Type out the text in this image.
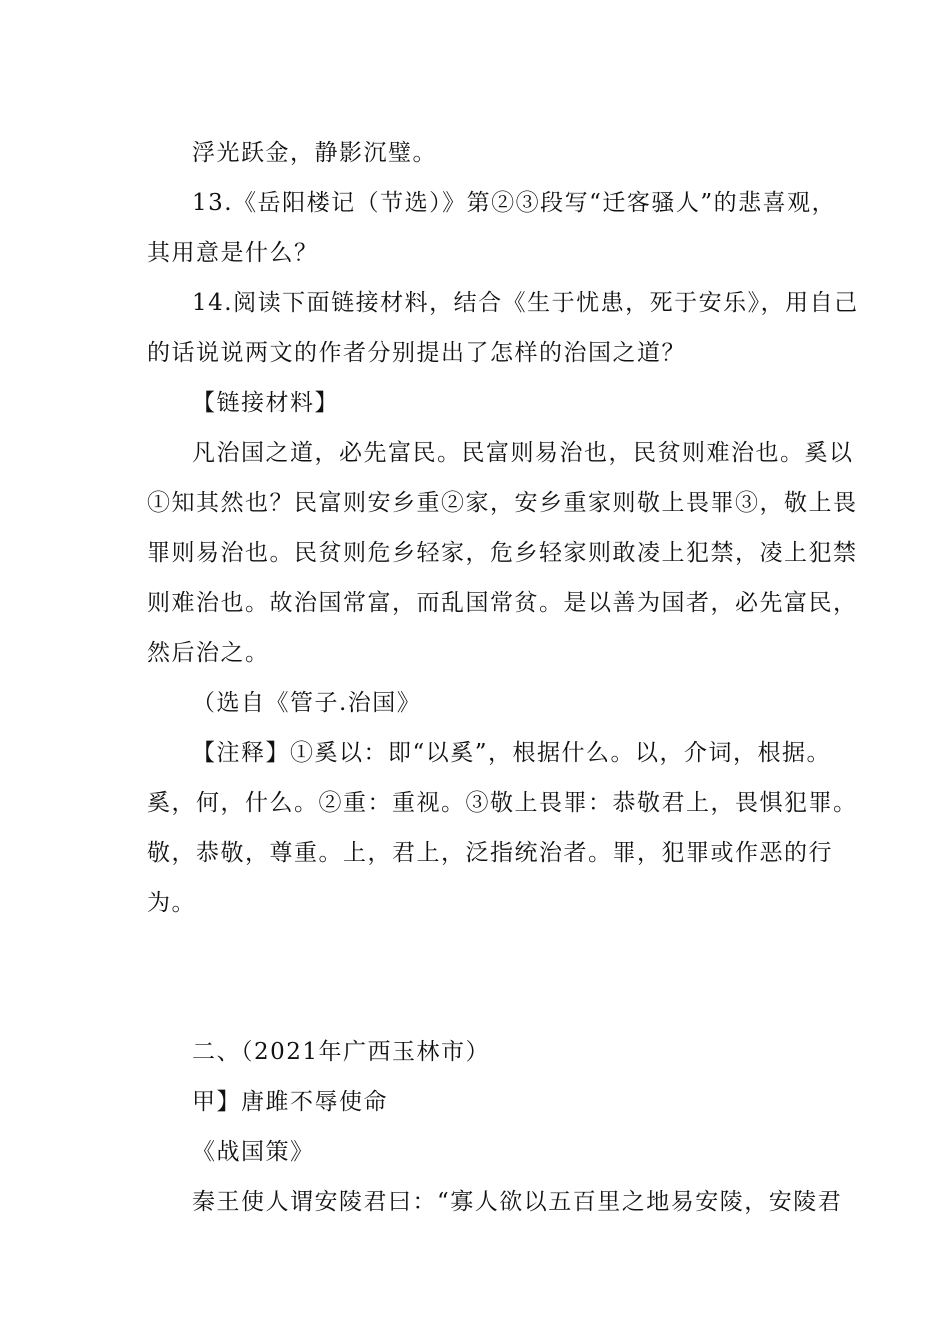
浮光跃金，静影沉璧。
13.《岳阳楼记（节选）》第②③段写“迁客骚人”的悲喜观，
其用意是什么？
14.阅读下面链接材料，结合《生于忧患，死于安乐》，用自己
的话说说两文的作者分别提出了怎样的治国之道？
【链接材料】
凡治国之道，必先富民。民富则易治也，民贫则难治也。奚以
①知其然也？民富则安乡重②家，安乡重家则敬上畏罪③，敬上畏
罪则易治也。民贫则危乡轻家，危乡轻家则敢凌上犯禁，凌上犯禁
则难治也。故治国常富，而乱国常贫。是以善为国者，必先富民，
然后治之。
（选自《管子.治国》
【注释】①奚以：即“以奚”，根据什么。以，介词，根据。
奚，何，什么。②重：重视。③敬上畏罪：恭敬君上，畏惧犯罪。
敬，恭敬，尊重。上，君上，泛指统治者。罪，犯罪或作恶的行
为。
二、（2021年广西玉林市）
甲】唐雎不辱使命
《战国策》
秦王使人谓安陵君曰：“寡人欲以五百里之地易安陵，安陵君
